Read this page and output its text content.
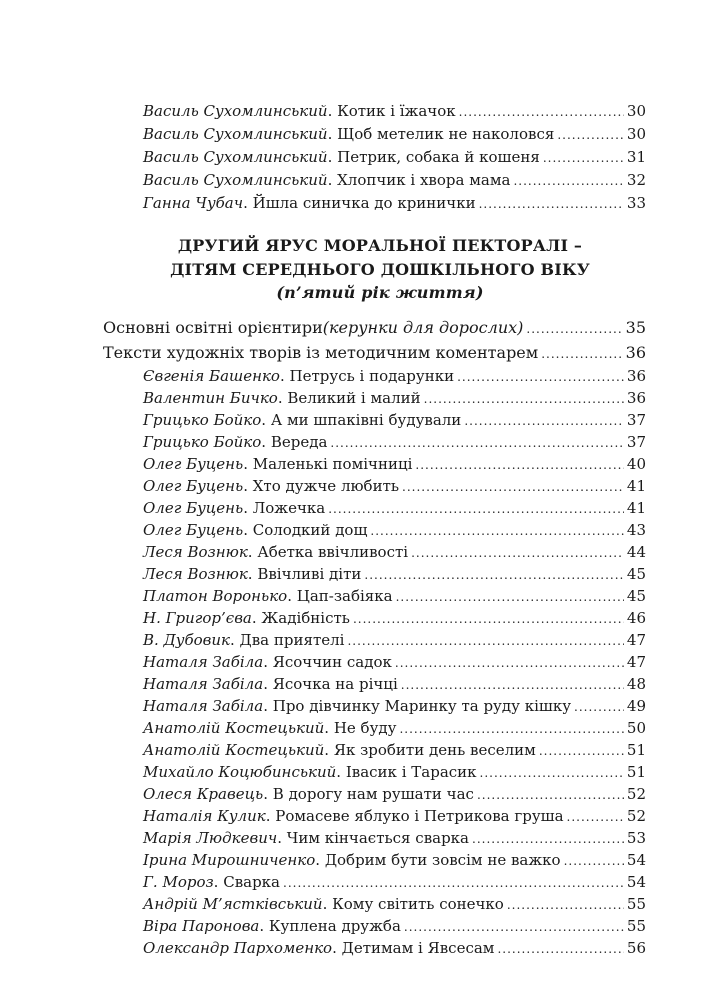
Василь Сухомлинський . Котик і їжачок .....	30
Василь Сухомлинський . Щоб метелик не наколовся .....	30
Василь Сухомлинський . Петрик, собака й кошеня .....	31
Василь Сухомлинський . Хлопчик і хвора мама .....	32
Ганна Чубач . Йшла синичка до кринички .....	33
ДРУГИЙ ЯРУС МОРАЛЬНОЇ ПЕКТОРАЛІ –
ДІТЯМ СЕРЕДНЬОГО ДОШКІЛЬНОГО ВІКУ
(п’ятий рік життя)
Основні освітні орієнтири (керунки для дорослих) .....	35
Тексти художніх творів із методичним коментарем .....	36
Євгенія Башенко . Петрусь і подарунки .....	36
Валентин Бичко . Великий і малий .....	36
Грицько Бойко . А ми шпаківні будували .....	37
Грицько Бойко . Вереда .....	37
Олег Буцень . Маленькі помічниці .....	40
Олег Буцень . Хто дужче любить .....	41
Олег Буцень . Ложечка .....	41
Олег Буцень . Солодкий дощ .....	43
Леся Вознюк . Абетка ввічливості .....	44
Леся Вознюк . Ввічливі діти .....	45
Платон Воронько . Цап-забіяка .....	45
Н. Григор’єва . Жадібність .....	46
В. Дубовик . Два приятелі .....	47
Наталя Забіла . Ясоччин садок .....	47
Наталя Забіла . Ясочка на річці .....	48
Наталя Забіла . Про дівчинку Маринку та руду кішку .....	49
Анатолій Костецький . Не буду .....	50
Анатолій Костецький . Як зробити день веселим .....	51
Михайло Коцюбинський . Івасик і Тарасик .....	51
Олеся Кравець . В дорогу нам рушати час .....	52
Наталія Кулик . Ромасеве яблуко і Петрикова груша .....	52
Марія Людкевич . Чим кінчається сварка .....	53
Ірина Мирошниченко . Добрим бути зовсім не важко .....	54
Г. Мороз . Сварка .....	54
Андрій М’ястківський . Кому світить сонечко .....	55
Віра Паронова . Куплена дружба .....	55
Олександр Пархоменко . Детимам і Явсесам .....	56
